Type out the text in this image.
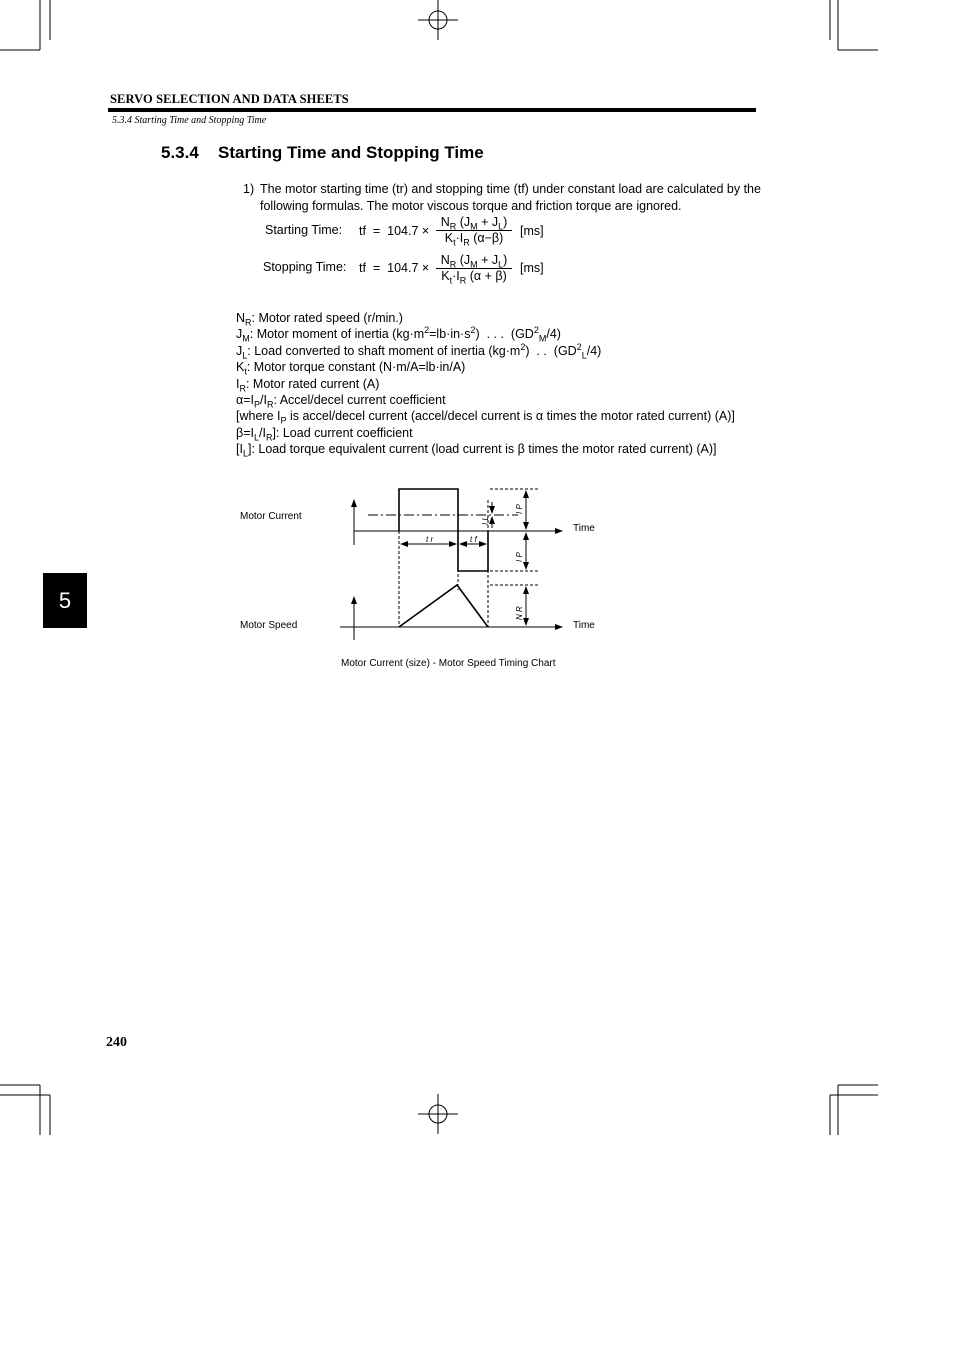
SERVO SELECTION AND DATA SHEETS
5.3.4 Starting Time and Stopping Time
5.3.4 Starting Time and Stopping Time
1) The motor starting time (tr) and stopping time (tf) under constant load are calculated by the following formulas. The motor viscous torque and friction torque are ignored.
Starting Time: tf  =  $104.7 \times \frac{N_R (J_M + J_L)}{K_t\cdot I_R (\alpha-\beta)} [ms]$
Stopping Time: tf  =  $104.7 \times \frac{N_R (J_M + J_L)}{K_t\cdot I_R (\alpha + \beta)} [ms]$
$N_R$: Motor rated speed (r/min.)
$J_M$: Motor moment of inertia $(kg\cdot m^2=lb\cdot in\cdot s^2)$  . . .  $(GD^2_M/4)$
$J_L$: Load converted to shaft moment of inertia $(kg\cdot m^2)$  . .  $(GD^2_L/4)$
$K_t$: Motor torque constant (N·m/A=lb·in/A)
$I_R$: Motor rated current (A)
$\alpha=I_P/I_R$: Accel/decel current coefficient
[where $I_P$ is accel/decel current (accel/decel current is α times the motor rated current) (A)]
$\beta=I_L/I_R$]: Load current coefficient
$[I_L]$: Load torque equivalent current (load current is β times the motor rated current) (A)]
Motor Current
Motor Speed
Time
Time
t r	t f
I P
I P
I L
N R
Motor Current (size) - Motor Speed Timing Chart
5
240
